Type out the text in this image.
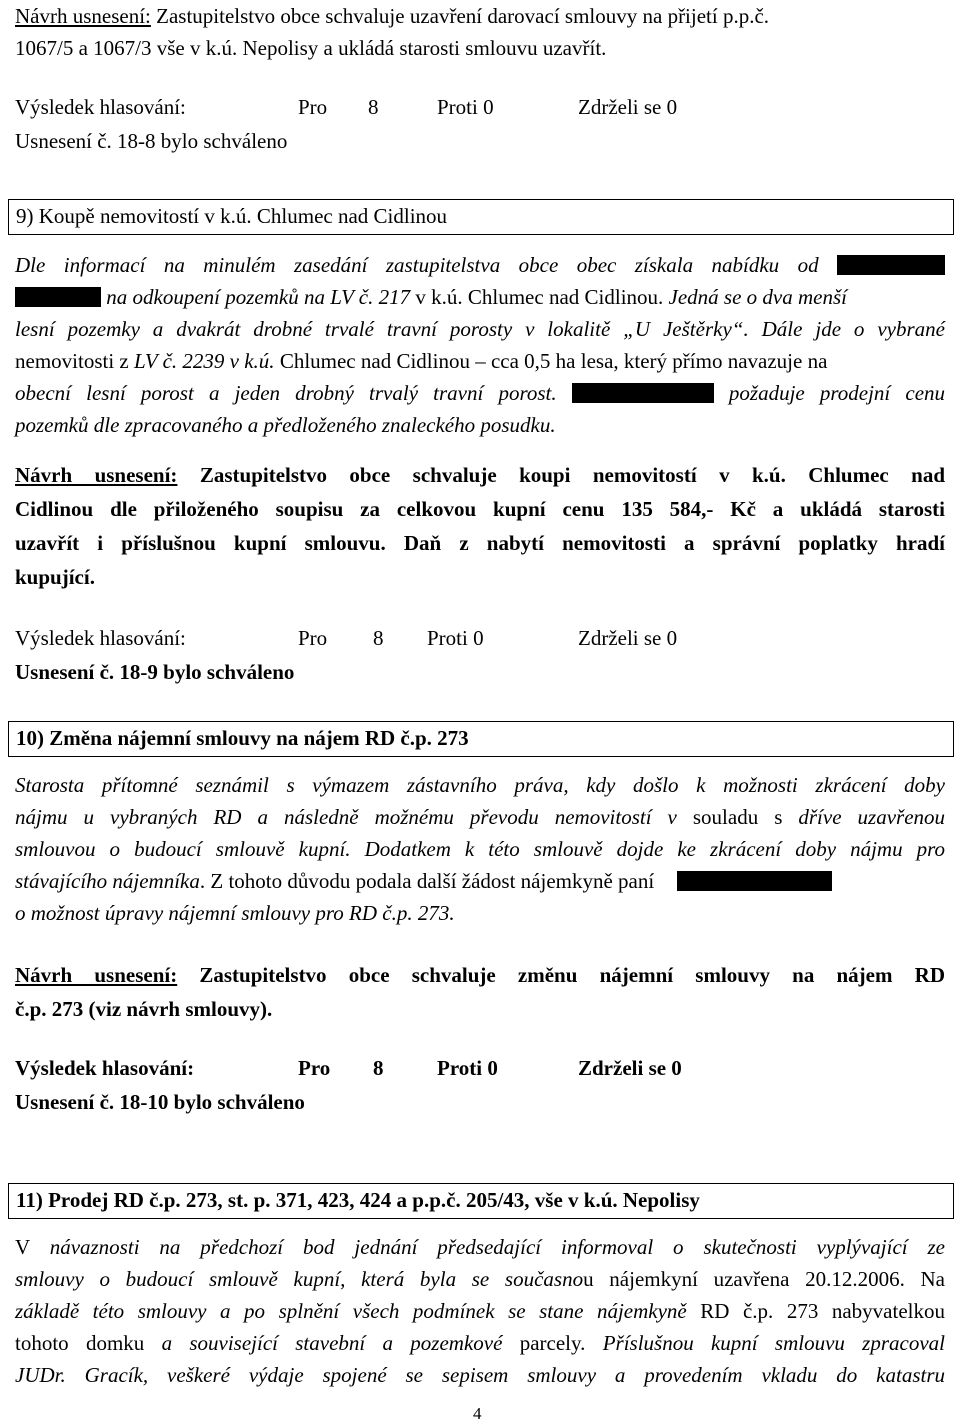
Návrh usnesení: Zastupitelstvo obce schvaluje uzavření darovací smlouvy na přijetí p.p.č.
1067/5 a 1067/3 vše v k.ú. Nepolisy a ukládá starosti smlouvu uzavřít.
Výsledek hlasování:	Pro 8	Proti 0	Zdrželi se 0
Usnesení č. 18-8 bylo schváleno
9) Koupě nemovitostí v k.ú. Chlumec nad Cidlinou
Dle informací na minulém zasedání zastupitelstva obce obec získala nabídku od
na odkoupení pozemků na LV č. 217 v k.ú. Chlumec nad Cidlinou. Jedná se o dva menší
lesní pozemky a dvakrát drobné trvalé travní porosty v lokalitě „U Ještěrky“. Dále jde o vybrané
nemovitosti z LV č. 2239 v k.ú. Chlumec nad Cidlinou – cca 0,5 ha lesa, který přímo navazuje na
obecní lesní porost a jeden drobný trvalý travní porost.	požaduje prodejní cenu
pozemků dle zpracovaného a předloženého znaleckého posudku.
Návrh usnesení: Zastupitelstvo obce schvaluje koupi nemovitostí v k.ú. Chlumec nad
Cidlinou dle přiloženého soupisu za celkovou kupní cenu 135 584,- Kč a ukládá starosti
uzavřít i příslušnou kupní smlouvu. Daň z nabytí nemovitosti a správní poplatky hradí
kupující.
Výsledek hlasování:	Pro 8 Proti 0	Zdrželi se 0
Usnesení č. 18-9 bylo schváleno
10) Změna nájemní smlouvy na nájem RD č.p. 273
Starosta přítomné seznámil s výmazem zástavního práva, kdy došlo k možnosti zkrácení doby
nájmu u vybraných RD a následně možnému převodu nemovitostí v souladu s dříve uzavřenou
smlouvou o budoucí smlouvě kupní. Dodatkem k této smlouvě dojde ke zkrácení doby nájmu pro
stávajícího nájemníka. Z tohoto důvodu podala další žádost nájemkyně paní
o možnost úpravy nájemní smlouvy pro RD č.p. 273.
Návrh usnesení: Zastupitelstvo obce schvaluje změnu nájemní smlouvy na nájem RD
č.p. 273 (viz návrh smlouvy).
Výsledek hlasování:	Pro 8	Proti 0	Zdrželi se 0
Usnesení č. 18-10 bylo schváleno
11) Prodej RD č.p. 273, st. p. 371, 423, 424 a p.p.č. 205/43, vše v k.ú. Nepolisy
V návaznosti na předchozí bod jednání předsedající informoval o skutečnosti vyplývající ze
smlouvy o budoucí smlouvě kupní, která byla se současnou nájemkyní uzavřena 20.12.2006. Na
základě této smlouvy a po splnění všech podmínek se stane nájemkyně RD č.p. 273 nabyvatelkou
tohoto domku a související stavební a pozemkové parcely. Příslušnou kupní smlouvu zpracoval
JUDr. Gracík, veškeré výdaje spojené se sepisem smlouvy a provedením vkladu do katastru
4
